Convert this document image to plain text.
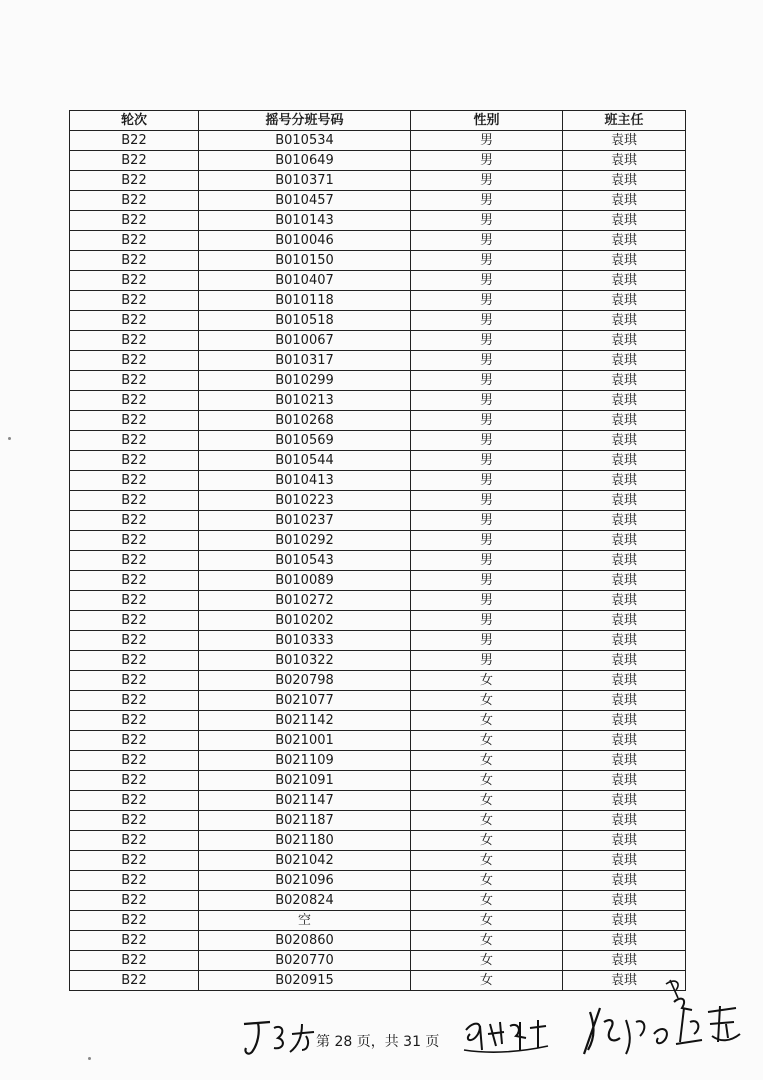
轮次	摇号分班号码	性别	班主任
B22	B010534	男	袁琪
B22	B010649	男	袁琪
B22	B010371	男	袁琪
B22	B010457	男	袁琪
B22	B010143	男	袁琪
B22	B010046	男	袁琪
B22	B010150	男	袁琪
B22	B010407	男	袁琪
B22	B010118	男	袁琪
B22	B010518	男	袁琪
B22	B010067	男	袁琪
B22	B010317	男	袁琪
B22	B010299	男	袁琪
B22	B010213	男	袁琪
B22	B010268	男	袁琪
B22	B010569	男	袁琪
B22	B010544	男	袁琪
B22	B010413	男	袁琪
B22	B010223	男	袁琪
B22	B010237	男	袁琪
B22	B010292	男	袁琪
B22	B010543	男	袁琪
B22	B010089	男	袁琪
B22	B010272	男	袁琪
B22	B010202	男	袁琪
B22	B010333	男	袁琪
B22	B010322	男	袁琪
B22	B020798	女	袁琪
B22	B021077	女	袁琪
B22	B021142	女	袁琪
B22	B021001	女	袁琪
B22	B021109	女	袁琪
B22	B021091	女	袁琪
B22	B021147	女	袁琪
B22	B021187	女	袁琪
B22	B021180	女	袁琪
B22	B021042	女	袁琪
B22	B021096	女	袁琪
B22	B020824	女	袁琪
B22	空	女	袁琪
B22	B020860	女	袁琪
B22	B020770	女	袁琪
B22	B020915	女	袁琪
第 28 页，共 31 页
